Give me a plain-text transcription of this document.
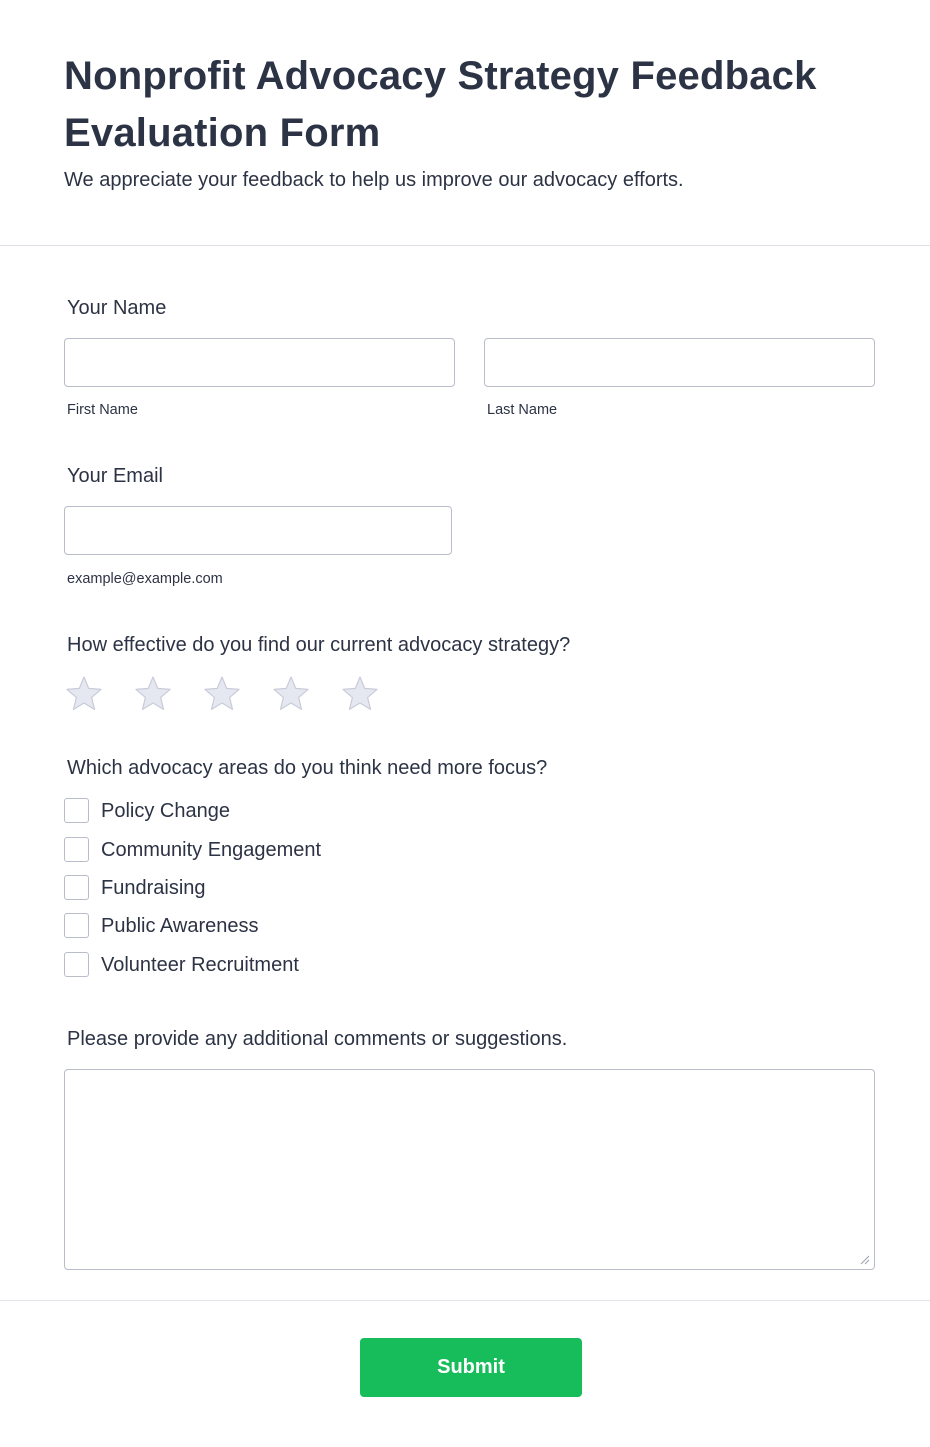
Nonprofit Advocacy Strategy Feedback Evaluation Form
We appreciate your feedback to help us improve our advocacy efforts.
Your Name
First Name	Last Name
Your Email
example@example.com
How effective do you find our current advocacy strategy?
Which advocacy areas do you think need more focus?
Policy Change
Community Engagement
Fundraising
Public Awareness
Volunteer Recruitment
Please provide any additional comments or suggestions.
Submit
